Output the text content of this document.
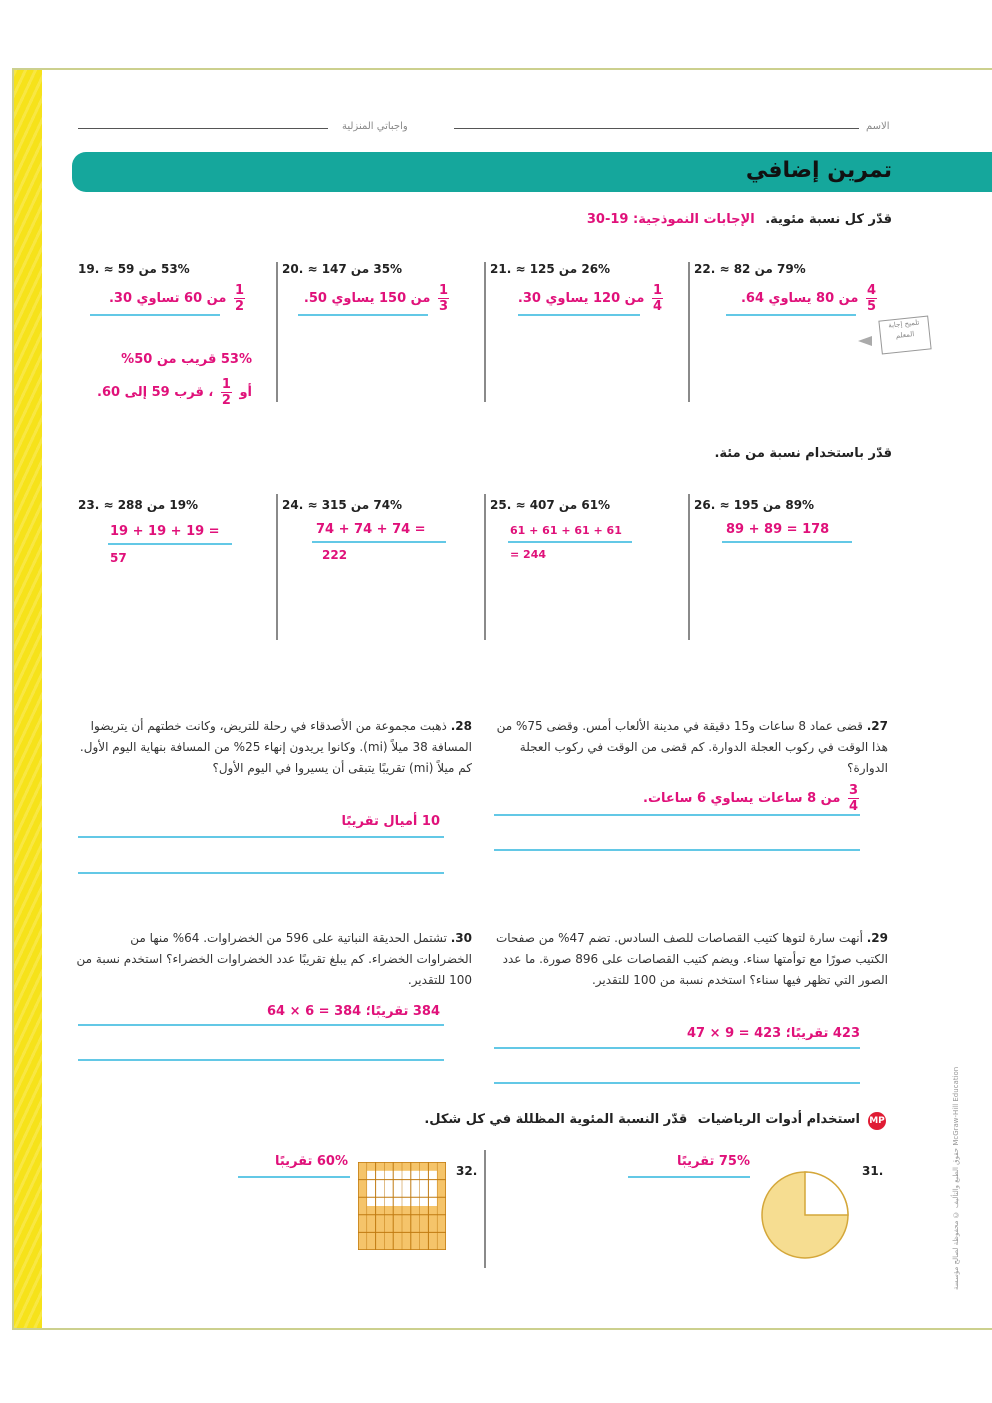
واجباتي المنزلية	الاسم
تمرين إضافي
قدّر كل نسبة مئوية. الإجابات النموذجية: 19-30
22. 79% من 82 ≈
$\frac{4}{5}$
من 80 يساوي 64.
21. 26% من 125 ≈
$\frac{1}{4}$
من 120 يساوي 30.
20. 35% من 147 ≈
$\frac{1}{3}$
من 150 يساوي 50.
19. 53% من 59 ≈
$\frac{1}{2}$
من 60 تساوي 30.
53% قريب من 50%
أو
$\frac{1}{2}$
، قرب 59 إلى 60.
تلميح إجابة المعلم
قدّر باستخدام نسبة من مئة.
26. 89% من 195 ≈
89 + 89 = 178
25. 61% من 407 ≈
61 + 61 + 61 + 61
= 244
24. 74% من 315 ≈
74 + 74 + 74 =
222
23. 19% من 288 ≈
19 + 19 + 19 =
57
27. قضى عماد 8 ساعات و15 دقيقة في مدينة الألعاب أمس. وقضى 75% من هذا الوقت في ركوب العجلة الدوارة. كم قضى من الوقت في ركوب العجلة الدوارة؟
$\frac{3}{4}$
من 8 ساعات يساوي 6 ساعات.
28. ذهبت مجموعة من الأصدقاء في رحلة للتريض، وكانت خطتهم أن يتريضوا المسافة 38 ميلاً (mi). وكانوا يريدون إنهاء 25% من المسافة بنهاية اليوم الأول. كم ميلاً (mi) تقريبًا يتبقى أن يسيروا في اليوم الأول؟
10 أميال تقريبًا
29. أنهت سارة لتوها كتيب القصاصات للصف السادس. تضم 47% من صفحات الكتيب صورًا مع توأمتها سناء. ويضم كتيب القصاصات على 896 صورة. ما عدد الصور التي تظهر فيها سناء؟ استخدم نسبة من 100 للتقدير.
423 تقريبًا؛ 423 = 9 × 47
30. تشتمل الحديقة النباتية على 596 من الخضراوات. 64% منها من الخضراوات الخضراء. كم يبلغ تقريبًا عدد الخضراوات الخضراء؟ استخدم نسبة من 100 للتقدير.
384 تقريبًا؛ 384 = 6 × 64
MP
استخدام أدوات الرياضيات قدّر النسبة المئوية المظللة في كل شكل.
31.
75% تقريبًا
32.
60% تقريبًا	حقوق الطبع والتأليف © محفوظة لصالح مؤسسة McGraw-Hill Education
